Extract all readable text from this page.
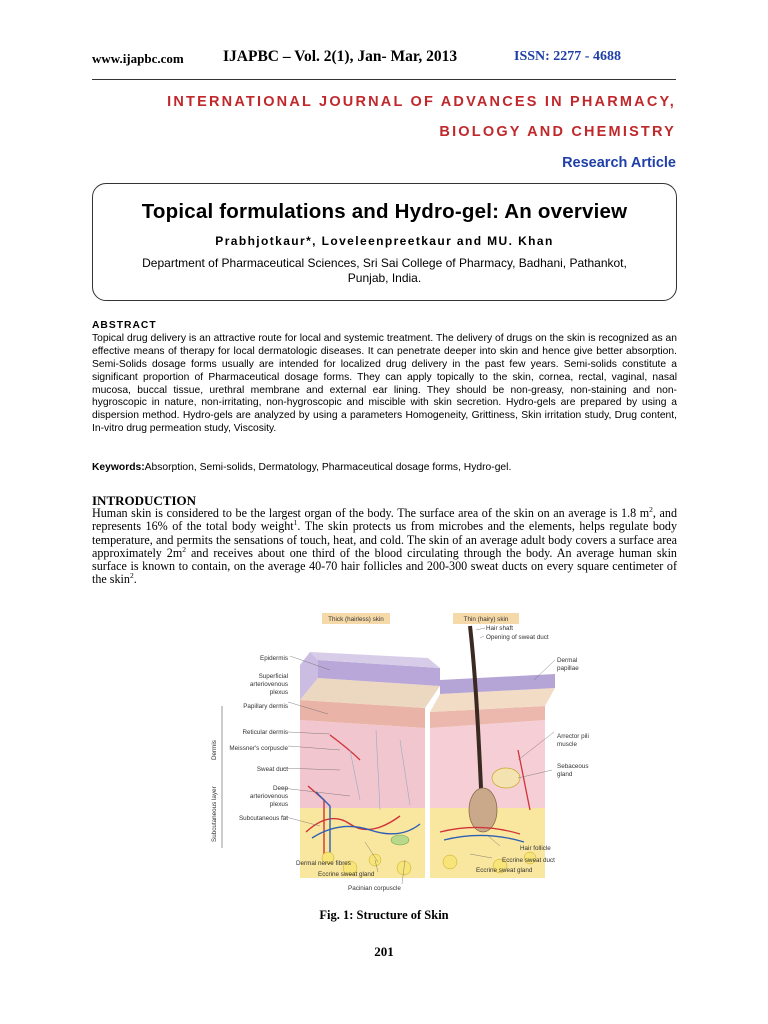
www.ijapbc.com	IJAPBC – Vol. 2(1), Jan- Mar, 2013	ISSN: 2277 - 4688
INTERNATIONAL JOURNAL OF ADVANCES IN PHARMACY,
BIOLOGY AND CHEMISTRY
Research Article
Topical formulations and Hydro-gel: An overview
Prabhjotkaur*, Loveleenpreetkaur and MU. Khan
Department of Pharmaceutical Sciences, Sri Sai College of Pharmacy, Badhani, Pathankot, Punjab, India.
ABSTRACT
Topical drug delivery is an attractive route for local and systemic treatment. The delivery of drugs on the skin is recognized as an effective means of therapy for local dermatologic diseases. It can penetrate deeper into skin and hence give better absorption. Semi-Solids dosage forms usually are intended for localized drug delivery in the past few years. Semi-solids constitute a significant proportion of Pharmaceutical dosage forms. They can apply topically to the skin, cornea, rectal, vaginal, nasal mucosa, buccal tissue, urethral membrane and external ear lining. They should be non-greasy, non-staining and non-hygroscopic in nature, non-irritating, non-hygroscopic and miscible with skin secretion. Hydro-gels are prepared by using a dispersion method. Hydro-gels are analyzed by using a parameters Homogeneity, Grittiness, Skin irritation study, Drug content, In-vitro drug permeation study, Viscosity.
Keywords:Absorption, Semi-solids, Dermatology, Pharmaceutical dosage forms, Hydro-gel.
INTRODUCTION
Human skin is considered to be the largest organ of the body. The surface area of the skin on an average is 1.8 $m^2$, and represents 16% of the total body weight$^1$. The skin protects us from microbes and the elements, helps regulate body temperature, and permits the sensations of touch, heat, and cold. The skin of an average adult body covers a surface area approximately $2m^2$ and receives about one third of the blood circulating through the body. An average human skin surface is known to contain, on the average 40-70 hair follicles and 200-300 sweat ducts on every square centimeter of the skin$^2$.
Thick (hairless) skin	Thin (hairy) skin
Dermis
Subcutaneous layer
Epidermis
Superficial
arteriovenous
plexus
Papillary dermis
Reticular dermis
Meissner's corpuscle
Sweat duct
Deep
arteriovenous
plexus
Subcutaneous fat
Hair shaft
Opening of sweat duct
Dermal
papillae
Arrector pili
muscle
Sebaceous
gland
Hair follicle
Eccrine sweat duct
Eccrine sweat gland
Dermal nerve fibres
Eccrine sweat gland
Pacinian corpuscle
Fig. 1: Structure of Skin
201
